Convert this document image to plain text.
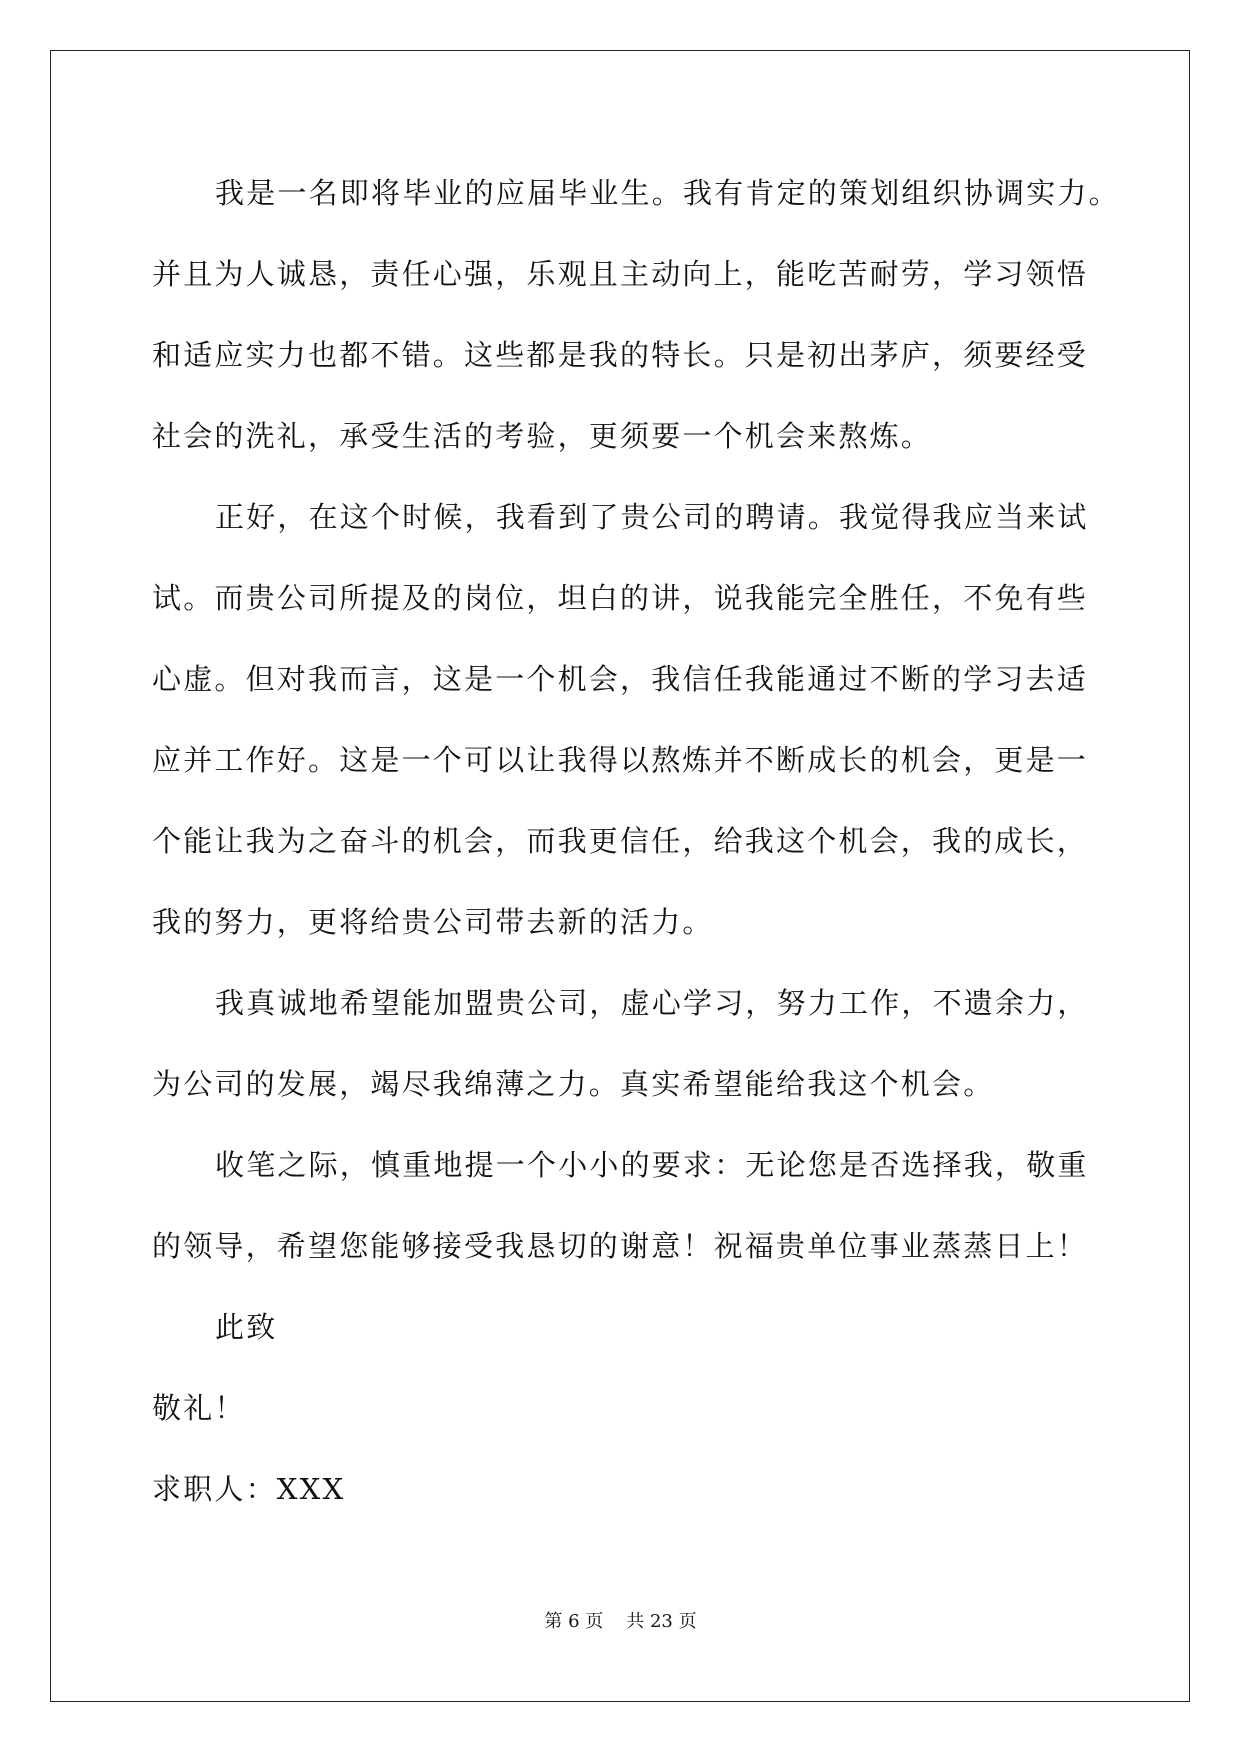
我是一名即将毕业的应届毕业生。我有肯定的策划组织协调实力。
并且为人诚恳，责任心强，乐观且主动向上，能吃苦耐劳，学习领悟
和适应实力也都不错。这些都是我的特长。只是初出茅庐，须要经受
社会的洗礼，承受生活的考验，更须要一个机会来熬炼。
正好，在这个时候，我看到了贵公司的聘请。我觉得我应当来试
试。而贵公司所提及的岗位，坦白的讲，说我能完全胜任，不免有些
心虚。但对我而言，这是一个机会，我信任我能通过不断的学习去适
应并工作好。这是一个可以让我得以熬炼并不断成长的机会，更是一
个能让我为之奋斗的机会，而我更信任，给我这个机会，我的成长，
我的努力，更将给贵公司带去新的活力。
我真诚地希望能加盟贵公司，虚心学习，努力工作，不遗余力，
为公司的发展，竭尽我绵薄之力。真实希望能给我这个机会。
收笔之际，慎重地提一个小小的要求：无论您是否选择我，敬重
的领导，希望您能够接受我恳切的谢意！祝福贵单位事业蒸蒸日上！
此致
敬礼！
求职人：XXX
第 6 页 共 23 页
